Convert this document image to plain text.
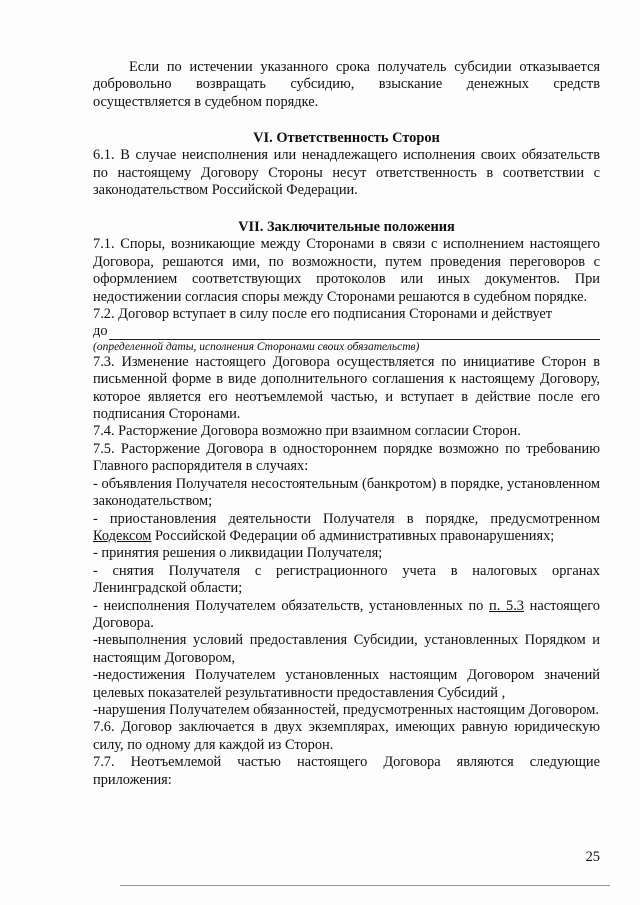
Если по истечении указанного срока получатель субсидии отказывается

добровольно возвращать субсидию, взыскание денежных средств

осуществляется в судебном порядке.

VI. Ответственность Сторон

6.1. В случае неисполнения или ненадлежащего исполнения своих обязательств по настоящему Договору Стороны несут ответственность в соответствии с законодательством Российской Федерации.

VII. Заключительные положения

7.1. Споры, возникающие между Сторонами в связи с исполнением настоящего Договора, решаются ими, по возможности, путем проведения переговоров с оформлением соответствующих протоколов или иных документов. При недостижении согласия споры между Сторонами решаются в судебном порядке.

7.2. Договор вступает в силу после его подписания Сторонами и действует

до

(определенной даты, исполнения Сторонами своих обязательств)

7.3. Изменение настоящего Договора осуществляется по инициативе Сторон в письменной форме в виде дополнительного соглашения к настоящему Договору, которое является его неотъемлемой частью, и вступает в действие после его подписания Сторонами.

7.4. Расторжение Договора возможно при взаимном согласии Сторон.

7.5. Расторжение Договора в одностороннем порядке возможно по требованию Главного распорядителя в случаях:

- объявления Получателя несостоятельным (банкротом) в порядке, установленном законодательством;

- приостановления деятельности Получателя в порядке, предусмотренном Кодексом Российской Федерации об административных правонарушениях;

- принятия решения о ликвидации Получателя;

- снятия Получателя с регистрационного учета в налоговых органах Ленинградской области;

- неисполнения Получателем обязательств, установленных по п. 5.3 настоящего Договора.

-невыполнения условий предоставления Субсидии, установленных Порядком и настоящим Договором,

-недостижения Получателем установленных настоящим Договором значений целевых показателей результативности предоставления Субсидий ,

-нарушения Получателем обязанностей, предусмотренных настоящим Договором.

7.6. Договор заключается в двух экземплярах, имеющих равную юридическую силу, по одному для каждой из Сторон.

7.7. Неотъемлемой частью настоящего Договора являются следующие приложения:

25
